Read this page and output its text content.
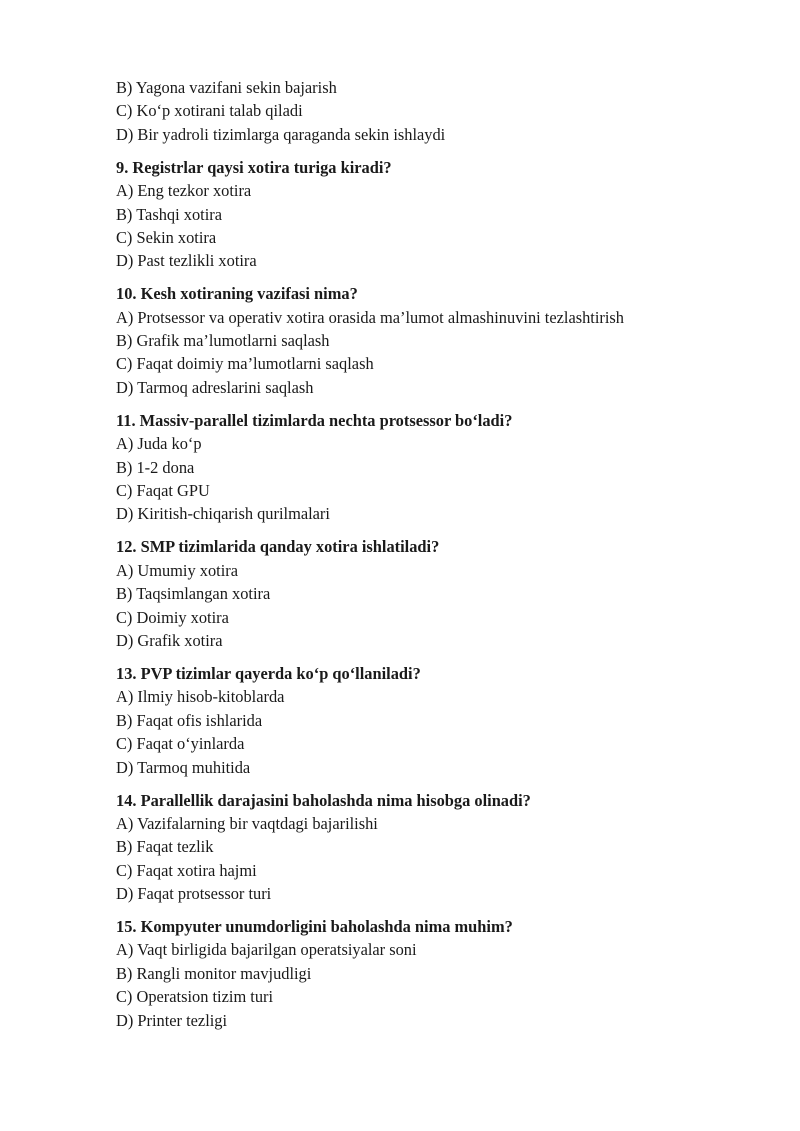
B) Yagona vazifani sekin bajarish
C) Ko‘p xotirani talab qiladi
D) Bir yadroli tizimlarga qaraganda sekin ishlaydi
9. Registrlar qaysi xotira turiga kiradi?
A) Eng tezkor xotira
B) Tashqi xotira
C) Sekin xotira
D) Past tezlikli xotira
10. Kesh xotiraning vazifasi nima?
A) Protsessor va operativ xotira orasida ma’lumot almashinuvini tezlashtirish
B) Grafik ma’lumotlarni saqlash
C) Faqat doimiy ma’lumotlarni saqlash
D) Tarmoq adreslarini saqlash
11. Massiv-parallel tizimlarda nechta protsessor bo‘ladi?
A) Juda ko‘p
B) 1-2 dona
C) Faqat GPU
D) Kiritish-chiqarish qurilmalari
12. SMP tizimlarida qanday xotira ishlatiladi?
A) Umumiy xotira
B) Taqsimlangan xotira
C) Doimiy xotira
D) Grafik xotira
13. PVP tizimlar qayerda ko‘p qo‘llaniladi?
A) Ilmiy hisob-kitoblarda
B) Faqat ofis ishlarida
C) Faqat o‘yinlarda
D) Tarmoq muhitida
14. Parallellik darajasini baholashda nima hisobga olinadi?
A) Vazifalarning bir vaqtdagi bajarilishi
B) Faqat tezlik
C) Faqat xotira hajmi
D) Faqat protsessor turi
15. Kompyuter unumdorligini baholashda nima muhim?
A) Vaqt birligida bajarilgan operatsiyalar soni
B) Rangli monitor mavjudligi
C) Operatsion tizim turi
D) Printer tezligi
